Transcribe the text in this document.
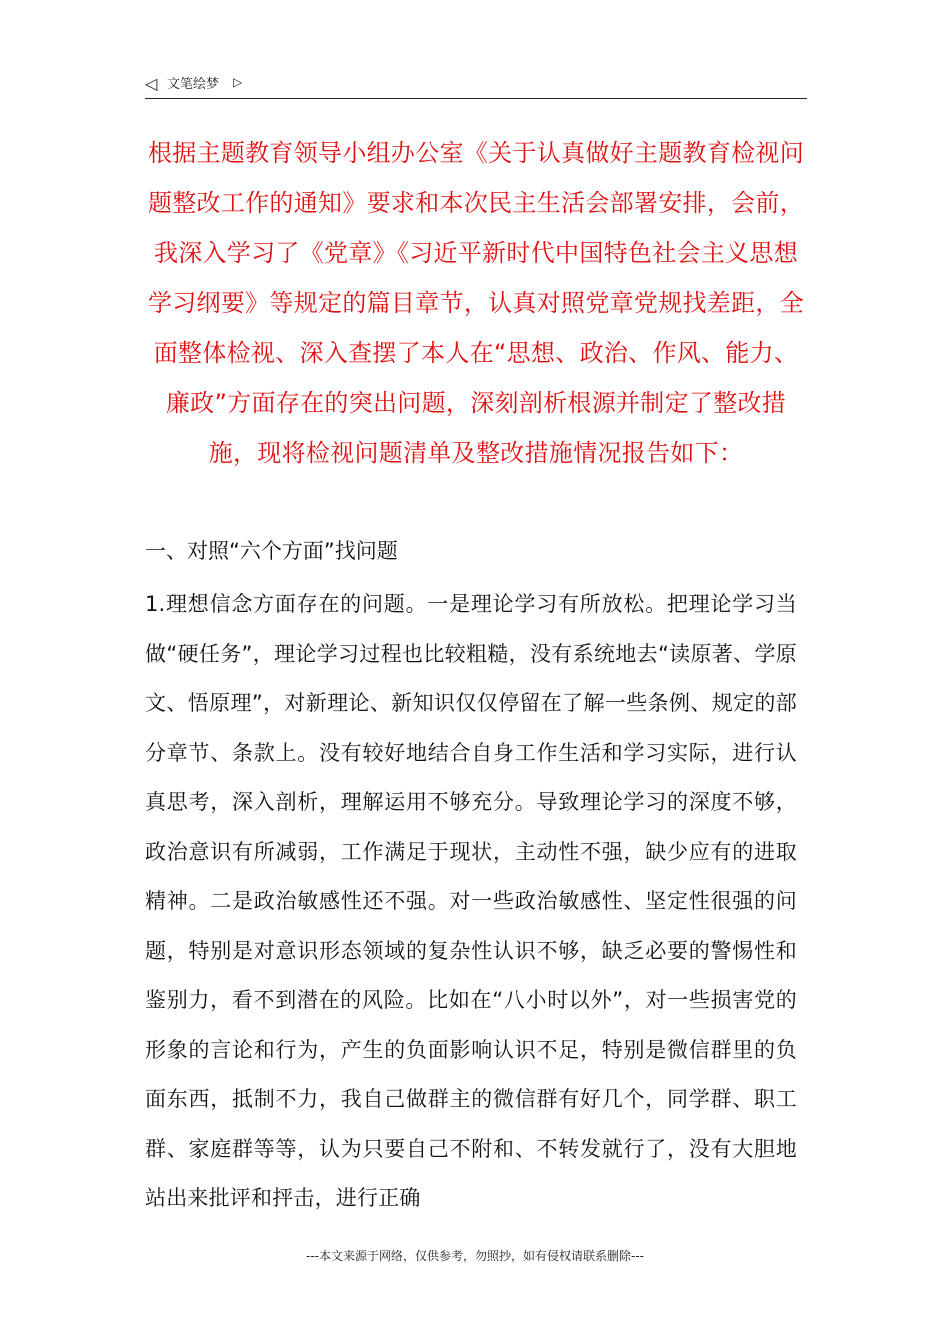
◁ 文笔绘梦 ▷
根据主题教育领导小组办公室《关于认真做好主题教育检视问题整改工作的通知》要求和本次民主生活会部署安排，会前，我深入学习了《党章》《习近平新时代中国特色社会主义思想学习纲要》等规定的篇目章节，认真对照党章党规找差距，全面整体检视、深入查摆了本人在“思想、政治、作风、能力、廉政”方面存在的突出问题，深刻剖析根源并制定了整改措施，现将检视问题清单及整改措施情况报告如下：
一、对照“六个方面”找问题
1.理想信念方面存在的问题。一是理论学习有所放松。把理论学习当做“硬任务”，理论学习过程也比较粗糙，没有系统地去“读原著、学原文、悟原理”，对新理论、新知识仅仅停留在了解一些条例、规定的部分章节、条款上。没有较好地结合自身工作生活和学习实际，进行认真思考，深入剖析，理解运用不够充分。导致理论学习的深度不够，政治意识有所减弱，工作满足于现状，主动性不强，缺少应有的进取精神。二是政治敏感性还不强。对一些政治敏感性、坚定性很强的问题，特别是对意识形态领域的复杂性认识不够，缺乏必要的警惕性和鉴别力，看不到潜在的风险。比如在“八小时以外”，对一些损害党的形象的言论和行为，产生的负面影响认识不足，特别是微信群里的负面东西，抵制不力，我自己做群主的微信群有好几个，同学群、职工群、家庭群等等，认为只要自己不附和、不转发就行了，没有大胆地站出来批评和抨击，进行正确
---本文来源于网络，仅供参考，勿照抄，如有侵权请联系删除---
